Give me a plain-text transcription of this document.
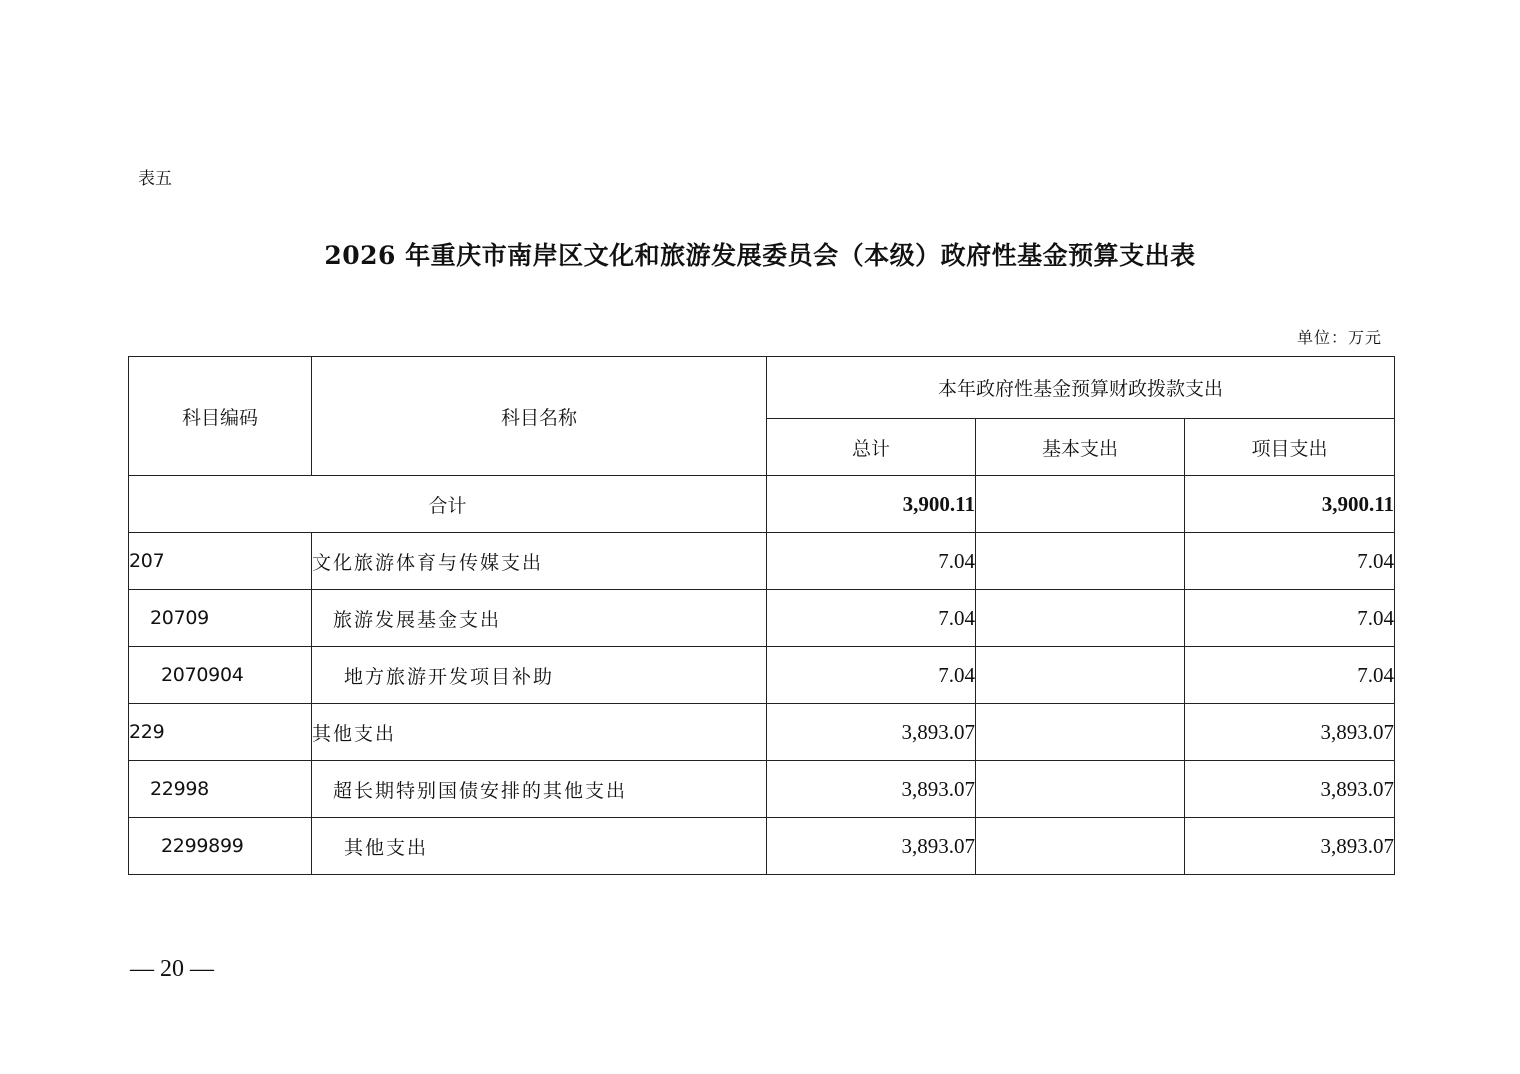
表五
2026 年重庆市南岸区文化和旅游发展委员会（本级）政府性基金预算支出表
单位：万元
科目编码	科目名称	本年政府性基金预算财政拨款支出		
		总计	基本支出	项目支出
合计		3,900.11		3,900.11
207	文化旅游体育与传媒支出	7.04		7.04
20709	旅游发展基金支出	7.04		7.04
2070904	地方旅游开发项目补助	7.04		7.04
229	其他支出	3,893.07		3,893.07
22998	超长期特别国债安排的其他支出	3,893.07		3,893.07
2299899	其他支出	3,893.07		3,893.07
— 20 —
